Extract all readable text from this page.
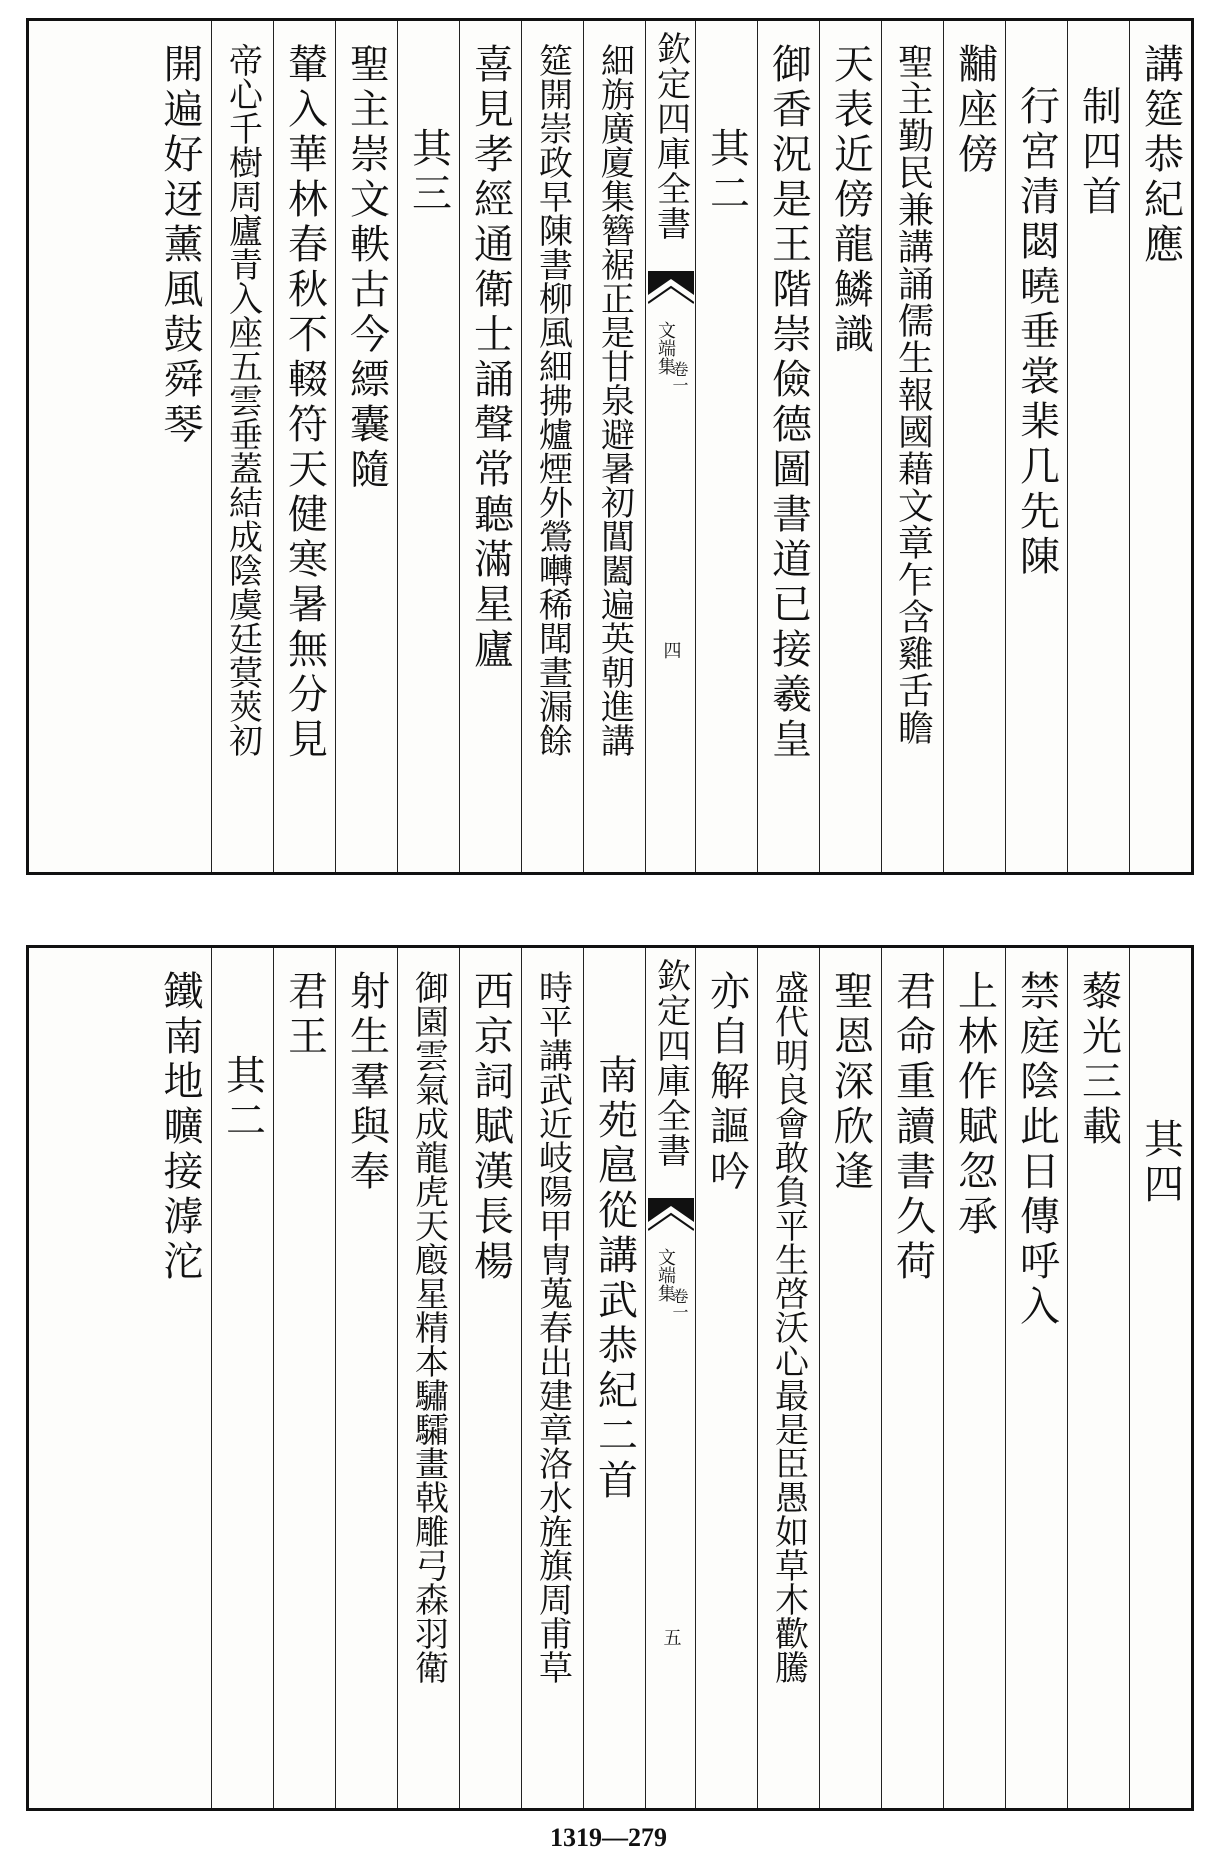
講筵恭紀應
制四首
行宮清閟曉垂裳棐几先陳
黼座傍
聖主勤民兼講誦儒生報國藉文章乍含雞舌瞻
天表近傍龍鱗識
御香況是王階崇儉德圖書道已接羲皇
其二
欽定四庫全書
文端集
卷一
四
細旃廣廈集簪裾正是甘泉避暑初閶闔遍英朝進講
筵開崇政早陳書柳風細拂爐煙外鶯囀稀聞晝漏餘
喜見孝經通衛士誦聲常聽滿星廬
其三
聖主崇文軼古今縹囊隨
輦入華林春秋不輟符天健寒暑無分見
帝心千樹周廬青入座五雲垂蓋結成陰虞廷蓂莢初
開遍好迓薰風鼓舜琴
其四
藜光三載
禁庭陰此日傳呼入
上林作賦忽承
君命重讀書久荷
聖恩深欣逢
盛代明良會敢負平生啓沃心最是臣愚如草木歡騰
亦自解謳吟
欽定四庫全書
文端集
卷一
五
南苑扈從講武恭紀二首
時平講武近岐陽甲冑蒐春出建章洛水旌旗周甫草
西京詞賦漢長楊
御園雲氣成龍虎天廏星精本驌驦畫戟雕弓森羽衛
射生羣與奉
君王
其二
鐵南地曠接滹沱
1319—279
